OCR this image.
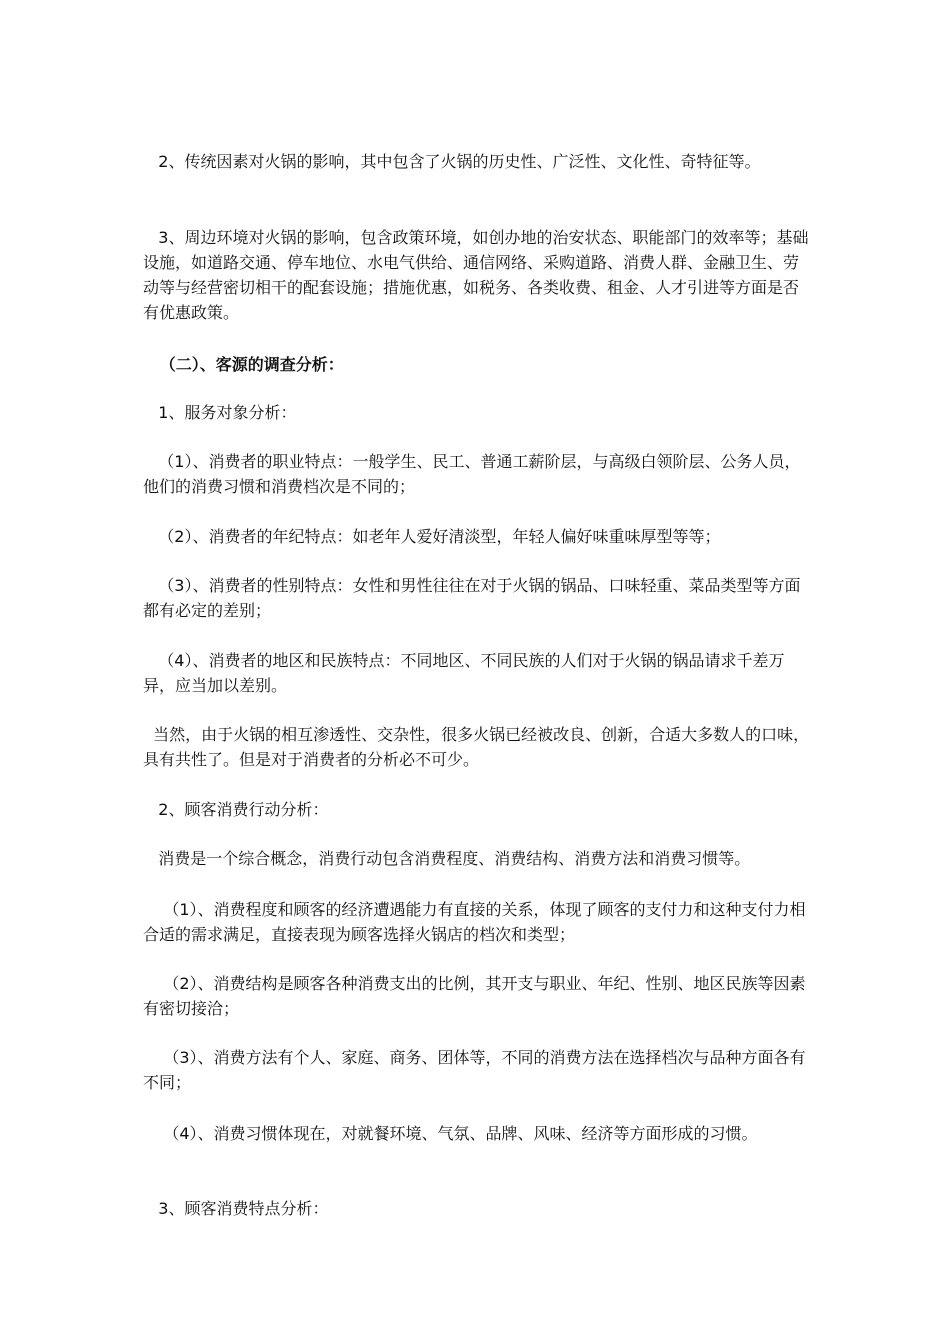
2、传统因素对火锅的影响，其中包含了火锅的历史性、广泛性、文化性、奇特征等。

3、周边环境对火锅的影响，包含政策环境，如创办地的治安状态、职能部门的效率等；基础设施，如道路交通、停车地位、水电气供给、通信网络、采购道路、消费人群、金融卫生、劳动等与经营密切相干的配套设施；措施优惠，如税务、各类收费、租金、人才引进等方面是否有优惠政策。

（二）、客源的调查分析：

1、服务对象分析：

（1）、消费者的职业特点：一般学生、民工、普通工薪阶层，与高级白领阶层、公务人员，他们的消费习惯和消费档次是不同的；

（2）、消费者的年纪特点：如老年人爱好清淡型，年轻人偏好味重味厚型等等；

（3）、消费者的性别特点：女性和男性往往在对于火锅的锅品、口味轻重、菜品类型等方面都有必定的差别；

（4）、消费者的地区和民族特点：不同地区、不同民族的人们对于火锅的锅品请求千差万异，应当加以差别。

当然，由于火锅的相互渗透性、交杂性，很多火锅已经被改良、创新，合适大多数人的口味，具有共性了。但是对于消费者的分析必不可少。

2、顾客消费行动分析：

消费是一个综合概念，消费行动包含消费程度、消费结构、消费方法和消费习惯等。

（1）、消费程度和顾客的经济遭遇能力有直接的关系，体现了顾客的支付力和这种支付力相合适的需求满足，直接表现为顾客选择火锅店的档次和类型；

（2）、消费结构是顾客各种消费支出的比例，其开支与职业、年纪、性别、地区民族等因素有密切接洽；

（3）、消费方法有个人、家庭、商务、团体等，不同的消费方法在选择档次与品种方面各有不同；

（4）、消费习惯体现在，对就餐环境、气氛、品牌、风味、经济等方面形成的习惯。

3、顾客消费特点分析：
